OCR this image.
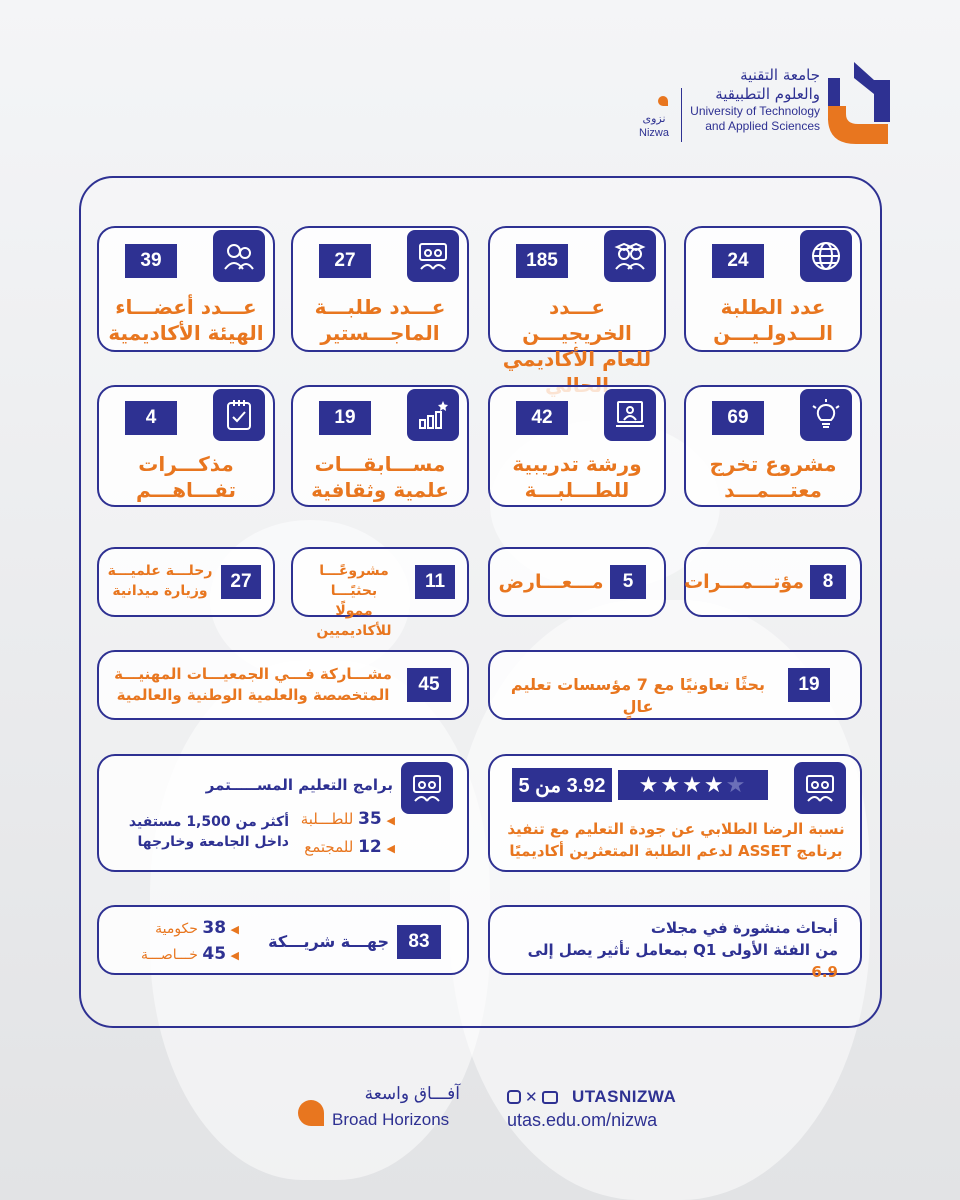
جامعة التقنية
والعلوم التطبيقية
University of Technology
and Applied Sciences
نزوى
Nizwa
24
عدد الطلبة
الـــدولـيـــن
185
عـــدد الخريجيـــن
للعام الأكاديمي
27
عـــدد طلبـــة
الماجـــستير
39
عـــدد أعضـــاء
الهيئة الأكاديمية
69
مشروع تخرج
معتـــمـــد
42
ورشة تدريبية
للطـــلبـــة
19
مســـابقـــات
علمية وثقافية
4
مذكـــرات
تفـــاهـــم
8
مؤتـــمـــرات
5
مـــعـــارض
11
مشروعًـــا بحثيًـــا
ممولًا للأكاديميين
27
رحلـــة علميـــة
وزيارة ميدانية
19
بحثًا تعاونيًا مع 7 مؤسسات تعليم عالٍ
45
مشـــاركة فـــي الجمعيـــات المهنيـــة
المتخصصة والعلمية الوطنية والعالمية
★★★★★
3.92 من 5
نسبة الرضا الطلابي عن جودة التعليم مع تنفيذ
برنامج ASSET لدعم الطلبة المتعثرين أكاديميًا
برامج التعليم المســـــتمر
◀ 35 للطـــلبة
◀ 12 للمجتمع
أكثر من 1,500 مستفيد
داخل الجامعة وخارجها
أبحاث منشورة في مجلات
من الفئة الأولى Q1 بمعامل تأثير يصل إلى 6.9
83
جهـــة شريـــكة
◀ 38 حكومية
◀ 45 خـــاصـــة
✕ UTASNIZWA
utas.edu.om/nizwa
آفـــاق واسعة
Broad Horizons
